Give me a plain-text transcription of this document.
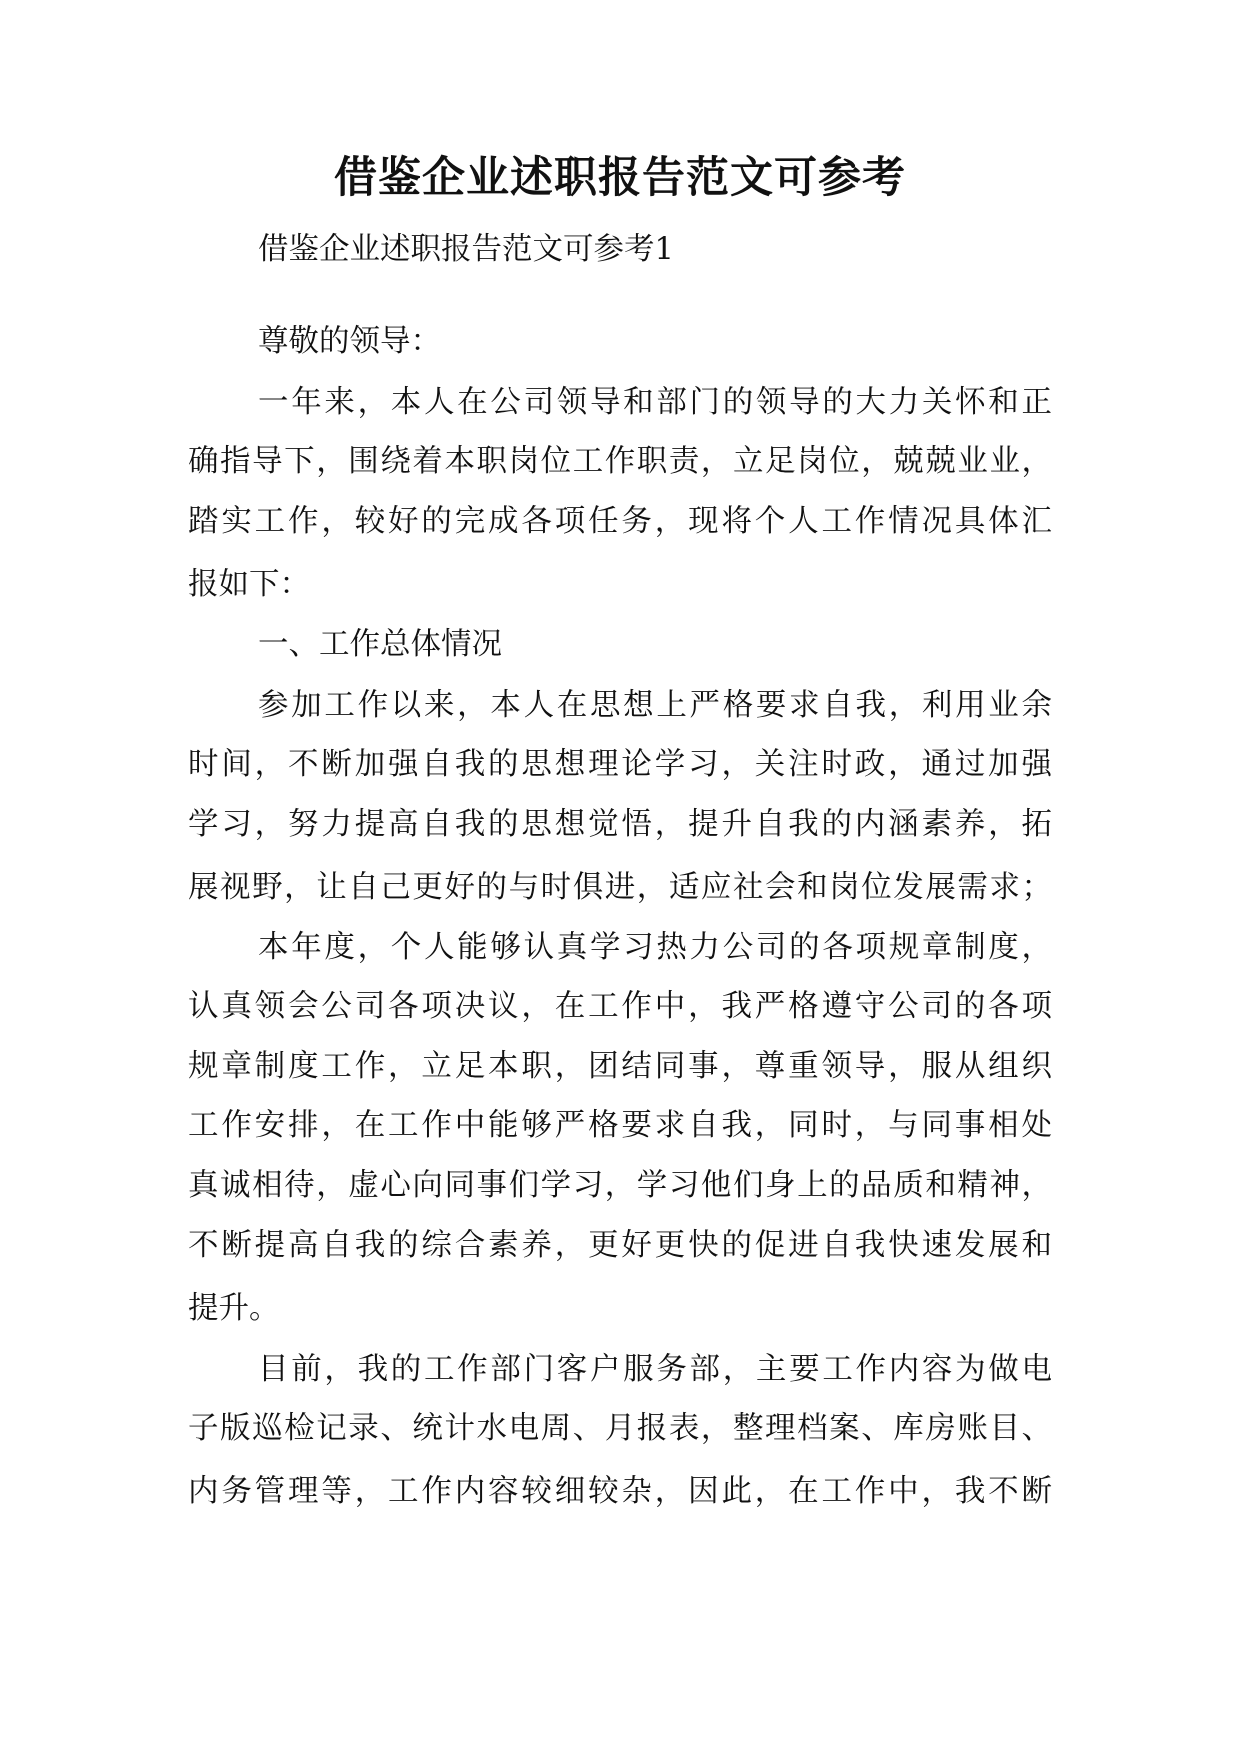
借鉴企业述职报告范文可参考
借鉴企业述职报告范文可参考1
尊敬的领导：
一年来，本人在公司领导和部门的领导的大力关怀和正
确指导下，围绕着本职岗位工作职责，立足岗位，兢兢业业，
踏实工作，较好的完成各项任务，现将个人工作情况具体汇
报如下：
一、工作总体情况
参加工作以来，本人在思想上严格要求自我，利用业余
时间，不断加强自我的思想理论学习，关注时政，通过加强
学习，努力提高自我的思想觉悟，提升自我的内涵素养，拓
展视野，让自己更好的与时俱进，适应社会和岗位发展需求；
本年度，个人能够认真学习热力公司的各项规章制度，
认真领会公司各项决议，在工作中，我严格遵守公司的各项
规章制度工作，立足本职，团结同事，尊重领导，服从组织
工作安排，在工作中能够严格要求自我，同时，与同事相处
真诚相待，虚心向同事们学习，学习他们身上的品质和精神，
不断提高自我的综合素养，更好更快的促进自我快速发展和
提升。
目前，我的工作部门客户服务部，主要工作内容为做电
子版巡检记录、统计水电周、月报表，整理档案、库房账目、
内务管理等，工作内容较细较杂，因此，在工作中，我不断
